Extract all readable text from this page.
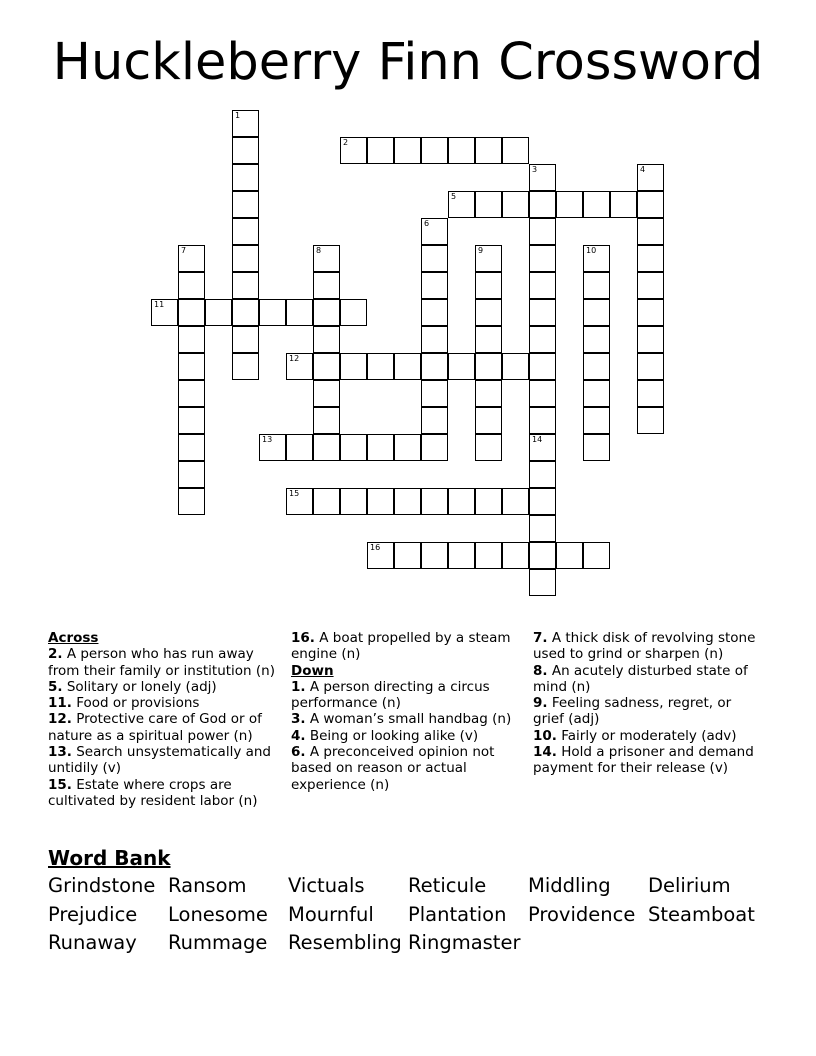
Huckleberry Finn Crossword
1
2
3
14
4
5
6
7	8	9	10
11
12
13
15
16
Across
2. A person who has run away from their family or institution (n)
5. Solitary or lonely (adj)
11. Food or provisions
12. Protective care of God or of nature as a spiritual power (n)
13. Search unsystematically and untidily (v)
15. Estate where crops are cultivated by resident labor (n)
16. A boat propelled by a steam engine (n)
Down
1. A person directing a circus performance (n)
3. A woman’s small handbag (n)
4. Being or looking alike (v)
6. A preconceived opinion not based on reason or actual experience (n)
7. A thick disk of revolving stone used to grind or sharpen (n)
8. An acutely disturbed state of mind (n)
9. Feeling sadness, regret, or grief (adj)
10. Fairly or moderately (adv)
14. Hold a prisoner and demand payment for their release (v)
Word Bank
Grindstone Ransom	Victuals	Reticule	Middling	Delirium
Prejudice	Lonesome	Mournful	Plantation	Providence Steamboat
Runaway	Rummage	Resembling Ringmaster
